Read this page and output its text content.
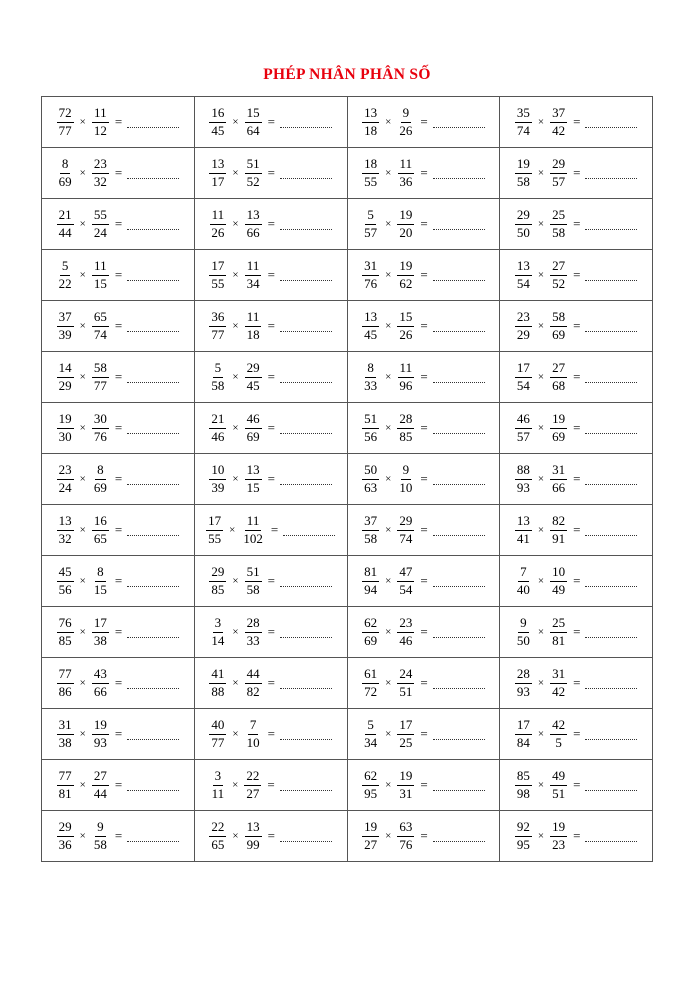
PHÉP NHÂN PHÂN SỐ
$\frac{72}{77} \times \frac{11}{12}$ =	$\frac{16}{45} \times \frac{15}{64}$ =	$\frac{13}{18} \times \frac{9}{26}$ =	$\frac{35}{74} \times \frac{37}{42}$ =

$\frac{8}{69} \times \frac{23}{32}$ =	$\frac{13}{17} \times \frac{51}{52}$ =	$\frac{18}{55} \times \frac{11}{36}$ =	$\frac{19}{58} \times \frac{29}{57}$ =

$\frac{21}{44} \times \frac{55}{24}$ =	$\frac{11}{26} \times \frac{13}{66}$ =	$\frac{5}{57} \times \frac{19}{20}$ =	$\frac{29}{50} \times \frac{25}{58}$ =

$\frac{5}{22} \times \frac{11}{15}$ =	$\frac{17}{55} \times \frac{11}{34}$ =	$\frac{31}{76} \times \frac{19}{62}$ =	$\frac{13}{54} \times \frac{27}{52}$ =

$\frac{37}{39} \times \frac{65}{74}$ =	$\frac{36}{77} \times \frac{11}{18}$ =	$\frac{13}{45} \times \frac{15}{26}$ =	$\frac{23}{29} \times \frac{58}{69}$ =

$\frac{14}{29} \times \frac{58}{77}$ =	$\frac{5}{58} \times \frac{29}{45}$ =	$\frac{8}{33} \times \frac{11}{96}$ =	$\frac{17}{54} \times \frac{27}{68}$ =

$\frac{19}{30} \times \frac{30}{76}$ =	$\frac{21}{46} \times \frac{46}{69}$ =	$\frac{51}{56} \times \frac{28}{85}$ =	$\frac{46}{57} \times \frac{19}{69}$ =

$\frac{23}{24} \times \frac{8}{69}$ =	$\frac{10}{39} \times \frac{13}{15}$ =	$\frac{50}{63} \times \frac{9}{10}$ =	$\frac{88}{93} \times \frac{31}{66}$ =

$\frac{13}{32} \times \frac{16}{65}$ =	$\frac{17}{55} \times \frac{11}{102}$ =	$\frac{37}{58} \times \frac{29}{74}$ =	$\frac{13}{41} \times \frac{82}{91}$ =

$\frac{45}{56} \times \frac{8}{15}$ =	$\frac{29}{85} \times \frac{51}{58}$ =	$\frac{81}{94} \times \frac{47}{54}$ =	$\frac{7}{40} \times \frac{10}{49}$ =

$\frac{76}{85} \times \frac{17}{38}$ =	$\frac{3}{14} \times \frac{28}{33}$ =	$\frac{62}{69} \times \frac{23}{46}$ =	$\frac{9}{50} \times \frac{25}{81}$ =

$\frac{77}{86} \times \frac{43}{66}$ =	$\frac{41}{88} \times \frac{44}{82}$ =	$\frac{61}{72} \times \frac{24}{51}$ =	$\frac{28}{93} \times \frac{31}{42}$ =

$\frac{31}{38} \times \frac{19}{93}$ =	$\frac{40}{77} \times \frac{7}{10}$ =	$\frac{5}{34} \times \frac{17}{25}$ =	$\frac{17}{84} \times \frac{42}{5}$ =

$\frac{77}{81} \times \frac{27}{44}$ =	$\frac{3}{11} \times \frac{22}{27}$ =	$\frac{62}{95} \times \frac{19}{31}$ =	$\frac{85}{98} \times \frac{49}{51}$ =

$\frac{29}{36} \times \frac{9}{58}$ =	$\frac{22}{65} \times \frac{13}{99}$ =	$\frac{19}{27} \times \frac{63}{76}$ =	$\frac{92}{95} \times \frac{19}{23}$ =
